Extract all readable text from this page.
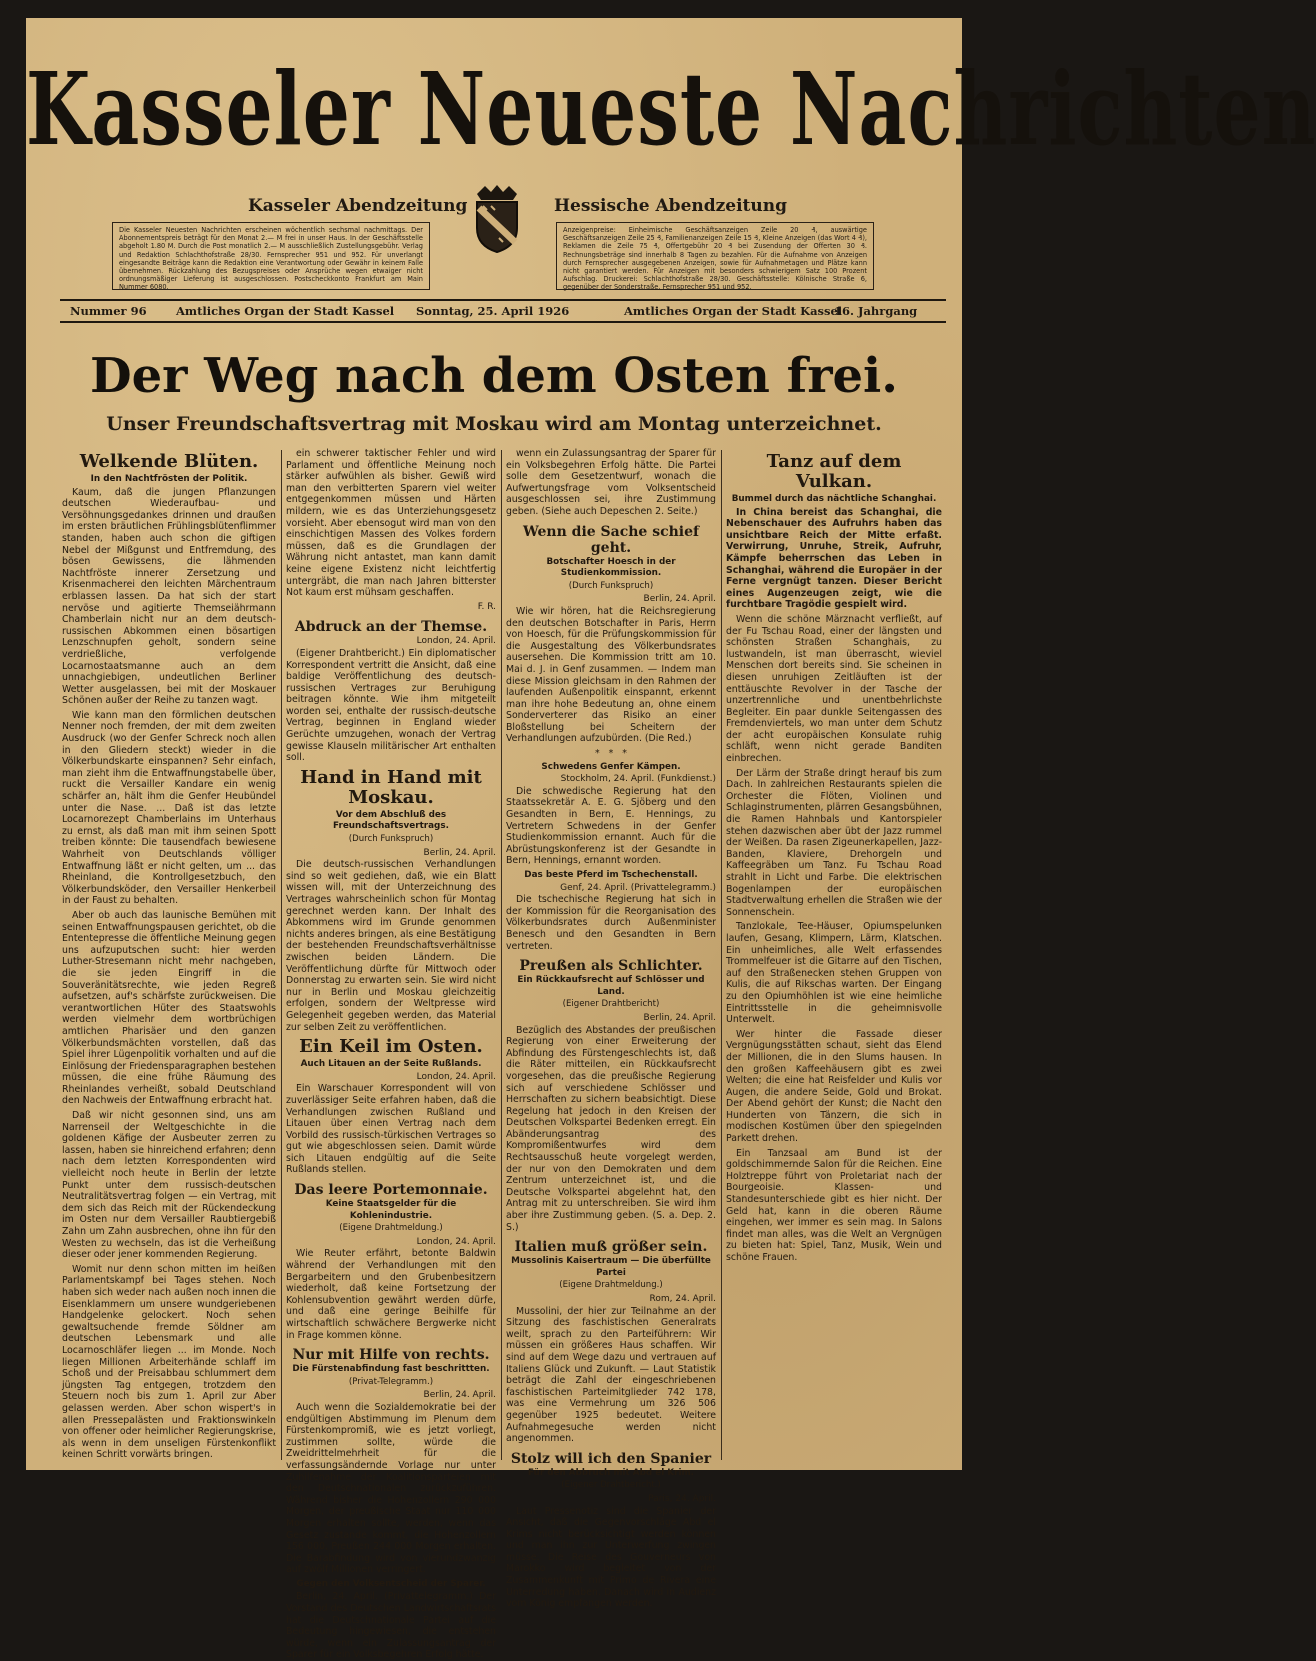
Kasseler Neueste Nachrichten
Kasseler Abendzeitung	Hessische Abendzeitung
Die Kasseler Neuesten Nachrichten erscheinen wöchentlich sechsmal nachmittags. Der Abonnementspreis beträgt für den Monat 2.— M frei in unser Haus. In der Geschäftsstelle abgeholt 1.80 M. Durch die Post monatlich 2.— M ausschließlich Zustellungsgebühr. Verlag und Redaktion Schlachthofstraße 28/30. Fernsprecher 951 und 952. Für unverlangt eingesandte Beiträge kann die Redaktion eine Verantwortung oder Gewähr in keinem Falle übernehmen. Rückzahlung des Bezugspreises oder Ansprüche wegen etwaiger nicht ordnungsmäßiger Lieferung ist ausgeschlossen. Postscheckkonto Frankfurt am Main Nummer 6080.
Anzeigenpreise: Einheimische Geschäftsanzeigen Zeile 20 ₰, auswärtige Geschäftsanzeigen Zeile 25 ₰, Familienanzeigen Zeile 15 ₰, Kleine Anzeigen (das Wort 4 ₰), Reklamen die Zeile 75 ₰, Offertgebühr 20 ₰ bei Zusendung der Offerten 30 ₰. Rechnungsbeträge sind innerhalb 8 Tagen zu bezahlen. Für die Aufnahme von Anzeigen durch Fernsprecher ausgegebenen Anzeigen, sowie für Aufnahmetagen und Plätze kann nicht garantiert werden. Für Anzeigen mit besonders schwierigem Satz 100 Prozent Aufschlag. Druckerei: Schlachthofstraße 28/30. Geschäftsstelle: Kölnische Straße 6, gegenüber der Sonderstraße. Fernsprecher 951 und 952.
Nummer 96	Amtliches Organ der Stadt Kassel Sonntag, 25. April 1926	Amtliches Organ der Stadt Kassel
16. Jahrgang
Der Weg nach dem Osten frei.
Unser Freundschaftsvertrag mit Moskau wird am Montag unterzeichnet.
Welkende Blüten.
In den Nachtfrösten der Politik.

Kaum, daß die jungen Pflanzungen deutschen Wiederaufbau- und Versöhnungsgedankes drinnen und draußen im ersten bräutlichen Frühlingsblütenflimmer standen, haben auch schon die giftigen Nebel der Mißgunst und Entfremdung, des bösen Gewissens, die lähmenden Nachtfröste innerer Zersetzung und Krisenmacherei den leichten Märchentraum erblassen lassen. Da hat sich der start nervöse und agitierte Themseiährmann Chamberlain nicht nur an dem deutsch-russischen Abkommen einen bösartigen Lenzschnupfen geholt, sondern seine verdrießliche, verfolgende Locarnostaatsmanne auch an dem unnachgiebigen, undeutlichen Berliner Wetter ausgelassen, bei mit der Moskauer Schönen außer der Reihe zu tanzen wagt.

Wie kann man den förmlichen deutschen Nenner noch fremden, der mit dem zweiten Ausdruck (wo der Genfer Schreck noch allen in den Gliedern steckt) wieder in die Völkerbundskarte einspannen? Sehr einfach, man zieht ihm die Entwaffnungstabelle über, ruckt die Versailler Kandare ein wenig schärfer an, hält ihm die Genfer Heubündel unter die Nase. ... Daß ist das letzte Locarnorezept Chamberlains im Unterhaus zu ernst, als daß man mit ihm seinen Spott treiben könnte: Die tausendfach bewiesene Wahrheit von Deutschlands völliger Entwaffnung läßt er nicht gelten, um ... das Rheinland, die Kontrollgesetzbuch, den Völkerbundsköder, den Versailler Henkerbeil in der Faust zu behalten.

Aber ob auch das launische Bemühen mit seinen Entwaffnungspausen gerichtet, ob die Ententepresse die öffentliche Meinung gegen uns aufzuputschen sucht: hier werden Luther-Stresemann nicht mehr nachgeben, die sie jeden Eingriff in die Souveränitätsrechte, wie jeden Regreß aufsetzen, auf's schärfste zurückweisen. Die verantwortlichen Hüter des Staatswohls werden vielmehr dem wortbrüchigen amtlichen Pharisäer und den ganzen Völkerbundsmächten vorstellen, daß das Spiel ihrer Lügenpolitik vorhalten und auf die Einlösung der Friedensparagraphen bestehen müssen, die eine frühe Räumung des Rheinlandes verheißt, sobald Deutschland den Nachweis der Entwaffnung erbracht hat.

Daß wir nicht gesonnen sind, uns am Narrenseil der Weltgeschichte in die goldenen Käfige der Ausbeuter zerren zu lassen, haben sie hinreichend erfahren; denn nach dem letzten Korrespondenten wird vielleicht noch heute in Berlin der letzte Punkt unter dem russisch-deutschen Neutralitätsvertrag folgen — ein Vertrag, mit dem sich das Reich mit der Rückendeckung im Osten nur dem Versailler Raubtiergebiß Zahn um Zahn ausbrechen, ohne ihn für den Westen zu wechseln, das ist die Verheißung dieser oder jener kommenden Regierung.

Womit nur denn schon mitten im heißen Parlamentskampf bei Tages stehen. Noch haben sich weder nach außen noch innen die Eisenklammern um unsere wundgeriebenen Handgelenke gelockert. Noch sehen gewaltsuchende fremde Söldner am deutschen Lebensmark und alle Locarnoschläfer liegen ... im Monde. Noch liegen Millionen Arbeiterhände schlaff im Schoß und der Preisabbau schlummert dem jüngsten Tag entgegen, trotzdem den Steuern noch bis zum 1. April zur Aber gelassen werden. Aber schon wispert's in allen Pressepalästen und Fraktionswinkeln von offener oder heimlicher Regierungskrise, als wenn in dem unseligen Fürstenkonflikt keinen Schritt vorwärts bringen.

ein schwerer taktischer Fehler und wird Parlament und öffentliche Meinung noch stärker aufwühlen als bisher. Gewiß wird man den verbitterten Sparern viel weiter entgegenkommen müssen und Härten mildern, wie es das Unterziehungsgesetz vorsieht. Aber ebensogut wird man von den einschichtigen Massen des Volkes fordern müssen, daß es die Grundlagen der Währung nicht antastet, man kann damit keine eigene Existenz nicht leichtfertig untergräbt, die man nach Jahren bitterster Not kaum erst mühsam geschaffen.

F. R.
Abdruck an der Themse.
London, 24. April.

(Eigener Drahtbericht.) Ein diplomatischer Korrespondent vertritt die Ansicht, daß eine baldige Veröffentlichung des deutsch-russischen Vertrages zur Beruhigung beitragen könnte. Wie ihm mitgeteilt worden sei, enthalte der russisch-deutsche Vertrag, beginnen in England wieder Gerüchte umzugehen, wonach der Vertrag gewisse Klauseln militärischer Art enthalten soll.

Hand in Hand mit Moskau.
Vor dem Abschluß des Freundschaftsvertrags.
(Durch Funkspruch)
Berlin, 24. April.

Die deutsch-russischen Verhandlungen sind so weit gediehen, daß, wie ein Blatt wissen will, mit der Unterzeichnung des Vertrages wahrscheinlich schon für Montag gerechnet werden kann. Der Inhalt des Abkommens wird im Grunde genommen nichts anderes bringen, als eine Bestätigung der bestehenden Freundschaftsverhältnisse zwischen beiden Ländern. Die Veröffentlichung dürfte für Mittwoch oder Donnerstag zu erwarten sein. Sie wird nicht nur in Berlin und Moskau gleichzeitig erfolgen, sondern der Weltpresse wird Gelegenheit gegeben werden, das Material zur selben Zeit zu veröffentlichen.

Ein Keil im Osten.
Auch Litauen an der Seite Rußlands.
London, 24. April.

Ein Warschauer Korrespondent will von zuverlässiger Seite erfahren haben, daß die Verhandlungen zwischen Rußland und Litauen über einen Vertrag nach dem Vorbild des russisch-türkischen Vertrages so gut wie abgeschlossen seien. Damit würde sich Litauen endgültig auf die Seite Rußlands stellen.

Das leere Portemonnaie.
Keine Staatsgelder für die Kohlenindustrie.
(Eigene Drahtmeldung.)
London, 24. April.

Wie Reuter erfährt, betonte Baldwin während der Verhandlungen mit den Bergarbeitern und den Grubenbesitzern wiederholt, daß keine Fortsetzung der Kohlensubvention gewährt werden dürfe, und daß eine geringe Beihilfe für wirtschaftlich schwächere Bergwerke nicht in Frage kommen könne.

Nur mit Hilfe von rechts.
Die Fürstenabfindung fast beschrittten.
(Privat-Telegramm.)
Berlin, 24. April.

Auch wenn die Sozialdemokratie bei der endgültigen Abstimmung im Plenum dem Fürstenkompromiß, wie es jetzt vorliegt, zustimmen sollte, würde die Zweidrittelmehrheit für die verfassungsändernde Vorlage nur unter Zuhilfenahme der Koalitionsparteien mit den Deutschnationalen zurückzuführen. Während bisher die Hohenzollern 290 000 Morgen, der preußische Staat nur 110 000 Morgen erhalten sollte, werden, wenn das Gesetz zustande kommt, die Hohenzollern 156 000, Preußen 244 000 Morgen erhalten. Die Barabfindung wird von vierundzwanzig auf zwölf Millionen verringert.

Gegen den Volksentscheid der Sparer.

Berlin, 24. April. (Privattelegramm.) Der Vorstand des Deutschen Landwirtschaftsrats hat die Deutschnationale Partei auf die Bedeutung hingewiesen, die entstehen würde, wenn ein Zulassungsantrag der Sparer für ein Volksbegehren Erfolg hätte.

wenn ein Zulassungsantrag der Sparer für ein Volksbegehren Erfolg hätte. Die Partei solle dem Gesetzentwurf, wonach die Aufwertungsfrage vom Volksentscheid ausgeschlossen sei, ihre Zustimmung geben. (Siehe auch Depeschen 2. Seite.)

Wenn die Sache schief geht.
Botschafter Hoesch in der Studienkommission.
(Durch Funkspruch)
Berlin, 24. April.

Wie wir hören, hat die Reichsregierung den deutschen Botschafter in Paris, Herrn von Hoesch, für die Prüfungskommission für die Ausgestaltung des Völkerbundsrates ausersehen. Die Kommission tritt am 10. Mai d. J. in Genf zusammen. — Indem man diese Mission gleichsam in den Rahmen der laufenden Außenpolitik einspannt, erkennt man ihre hohe Bedeutung an, ohne einem Sonderverterer das Risiko an einer Bloßstellung bei Scheitern der Verhandlungen aufzubürden. (Die Red.)

*   *   *
Schwedens Genfer Kämpen.
Stockholm, 24. April. (Funkdienst.)

Die schwedische Regierung hat den Staatssekretär A. E. G. Sjöberg und den Gesandten in Bern, E. Hennings, zu Vertretern Schwedens in der Genfer Studienkommission ernannt. Auch für die Abrüstungskonferenz ist der Gesandte in Bern, Hennings, ernannt worden.

Das beste Pferd im Tschechenstall.
Genf, 24. April. (Privattelegramm.)

Die tschechische Regierung hat sich in der Kommission für die Reorganisation des Völkerbundsrates durch Außenminister Benesch und den Gesandten in Bern vertreten.

Preußen als Schlichter.
Ein Rückkaufsrecht auf Schlösser und Land.
(Eigener Drahtbericht)
Berlin, 24. April.

Bezüglich des Abstandes der preußischen Regierung von einer Erweiterung der Abfindung des Fürstengeschlechts ist, daß die Räter mitteilen, ein Rückkaufsrecht vorgesehen, das die preußische Regierung sich auf verschiedene Schlösser und Herrschaften zu sichern beabsichtigt. Diese Regelung hat jedoch in den Kreisen der Deutschen Volkspartei Bedenken erregt. Ein Abänderungsantrag des Kompromißentwurfes wird dem Rechtsausschuß heute vorgelegt werden, der nur von den Demokraten und dem Zentrum unterzeichnet ist, und die Deutsche Volkspartei abgelehnt hat, den Antrag mit zu unterschreiben. Sie wird ihm aber ihre Zustimmung geben. (S. a. Dep. 2. S.)

Italien muß größer sein.
Mussolinis Kaisertraum — Die überfüllte Partei
(Eigene Drahtmeldung.)
Rom, 24. April.

Mussolini, der hier zur Teilnahme an der Sitzung des faschistischen Generalrats weilt, sprach zu den Parteiführern: Wir müssen ein größeres Haus schaffen. Wir sind auf dem Wege dazu und vertrauen auf Italiens Glück und Zukunft. — Laut Statistik beträgt die Zahl der eingeschriebenen faschistischen Parteimitglieder 742 178, was eine Vermehrung um 326 506 gegenüber 1925 bedeutet. Weitere Aufnahmegesuche werden nicht angenommen.

Stolz will ich den Spanier
Für den Abbruch mit Abd el Krim.
(Eigener Drahtbericht.)
Paris, 24. April.

Laut Pressenotiz sind die Spanier der Ansicht, daß die Gegenvorschläge Abd el Krims nicht berücksichtigt werden können und man ihn zur Unterwerfung zwingen müsse. Die Reise des Gouverneurs von Marokko wird begleitet von der Zusammenkunft mit Primo de Rivera eine Unterredung haben. Danach wird in Audienz vom König empfangen werden.

Tanz auf dem Vulkan.
Bummel durch das nächtliche Schanghai.

In China bereist das Schanghai, die Nebenschauer des Aufruhrs haben das unsichtbare Reich der Mitte erfaßt. Verwirrung, Unruhe, Streik, Aufruhr, Kämpfe beherrschen das Leben in Schanghai, während die Europäer in der Ferne vergnügt tanzen. Dieser Bericht eines Augenzeugen zeigt, wie die furchtbare Tragödie gespielt wird.

Wenn die schöne Märznacht verfließt, auf der Fu Tschau Road, einer der längsten und schönsten Straßen Schanghais, zu lustwandeln, ist man überrascht, wieviel Menschen dort bereits sind. Sie scheinen in diesen unruhigen Zeitläuften ist der enttäuschte Revolver in der Tasche der unzertrennliche und unentbehrlichste Begleiter. Ein paar dunkle Seitengassen des Fremdenviertels, wo man unter dem Schutz der acht europäischen Konsulate ruhig schläft, wenn nicht gerade Banditen einbrechen.

Der Lärm der Straße dringt herauf bis zum Dach. In zahlreichen Restaurants spielen die Orchester die Flöten, Violinen und Schlaginstrumenten, plärren Gesangsbühnen, die Ramen Hahnbals und Kantorspieler stehen dazwischen aber übt der Jazz rummel der Weißen. Da rasen Zigeunerkapellen, Jazz-Banden, Klaviere, Drehorgeln und Kaffeegräben um Tanz. Fu Tschau Road strahlt in Licht und Farbe. Die elektrischen Bogenlampen der europäischen Stadtverwaltung erhellen die Straßen wie der Sonnenschein.

Tanzlokale, Tee-Häuser, Opiumspelunken laufen, Gesang, Klimpern, Lärm, Klatschen. Ein unheimliches, alle Welt erfassendes Trommelfeuer ist die Gitarre auf den Tischen, auf den Straßenecken stehen Gruppen von Kulis, die auf Rikschas warten. Der Eingang zu den Opiumhöhlen ist wie eine heimliche Eintrittsstelle in die geheimnisvolle Unterwelt.

Wer hinter die Fassade dieser Vergnügungsstätten schaut, sieht das Elend der Millionen, die in den Slums hausen. In den großen Kaffeehäusern gibt es zwei Welten; die eine hat Reisfelder und Kulis vor Augen, die andere Seide, Gold und Brokat. Der Abend gehört der Kunst; die Nacht den Hunderten von Tänzern, die sich in modischen Kostümen über den spiegelnden Parkett drehen.

Ein Tanzsaal am Bund ist der goldschimmernde Salon für die Reichen. Eine Holztreppe führt von Proletariat nach der Bourgeoisie. Klassen- und Standesunterschiede gibt es hier nicht. Der Geld hat, kann in die oberen Räume eingehen, wer immer es sein mag. In Salons findet man alles, was die Welt an Vergnügen zu bieten hat: Spiel, Tanz, Musik, Wein und schöne Frauen.
